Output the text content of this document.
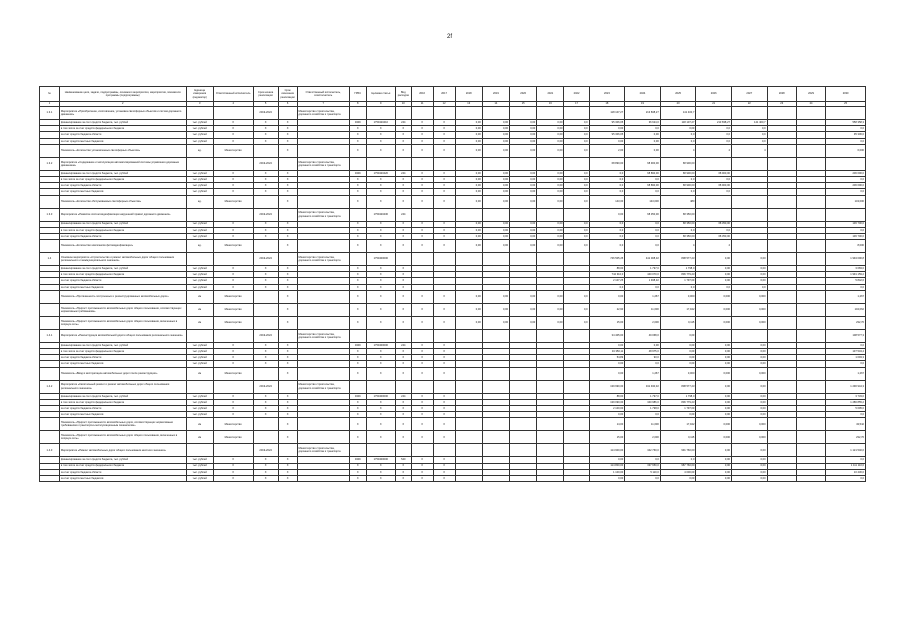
2f
№	Наименование цели, задачи, подпрограммы, основного мероприятия, мероприятия, показателя программы (подпрограммы)	Единица измерения (индикатор)	Ответственный исполнитель	Срок начала реализации	Срок окончания реализации	Ответственный исполнитель, соисполнитель	ГРБС	Целевая статья	Вид расходов	2016	2017	2018	2019	2020	2021	2022	2023	2024	2025	2026	2027	2028	2029	2030
1	2	3	4	5	6	7	8	9	10	11	12	13	14	15	16	17	18	19	20	21	22	23	24	25
1.3.1	Мероприятие «Приобретение, изготовление, установка светофорных объектов и систем дорожного движения»			2019-2024		Министерство строительства, дорожного хозяйства и транспорта											118 107,27	213 838,27	141 400,7					
	финансирование за счет средств бюджета, тыс. рублей	тыс. рублей	X	X	X		0409	1750420410	244	X	X	0,00	0,00	0,00	0,00	0,0	95 306,05	36 624,0	118 107,27	213 838,27	141 400,7			558 358,3
	в том числе за счет средств федерального бюджета	тыс. рублей	X	X	X		X	X	X	X	X	0,00	0,00	0,00	0,00	0,0	0,00	0,0	0,00	0,0	0,0			0,0
	за счет средств бюджета области	тыс. рублей	X	X	X		X	X	X	X	X	0,00	0,00	0,00	0,00	0,0	95 306,05	0,00	0,0	0,0	0,0			95 306,0
	за счет средств местных бюджетов	тыс. рублей	X	X	X		X	X	X	X	X	0,00	0,00	0,00	0,00	0,0	0,00	0,00	0,0	0,0	0,0			0,0
	Показатель «Количество установленных светофорных объектов»	ед.	Министерство		X		X	X	X	X	X	0,00	0,00	0,00	0,00	0,0	2,00	0,00	4	4	4			6,000
1.3.2	Мероприятие «Содержание и эксплуатация автоматизированной системы управления дорожным движением»			2019-2024		Министерство строительства, дорожного хозяйства и транспорта											68 890,00	68 900,00	68 900,00					
	финансирование за счет средств бюджета, тыс. рублей	тыс. рублей	X	X	X		0409	1750420420	244	X	X	0,00	0,00	0,00	0,00	0,0	0,0	68 890,00	68 900,00	68 900,00				206 690,0
	в том числе за счет средств федерального бюджета	тыс. рублей	X	X	X		X	X	X	X	X	0,00	0,00	0,00	0,00	0,0	0,0	0,0	0,0	0,0				0,0
	за счет средств бюджета области	тыс. рублей	X	X	X		X	X	X	X	X	0,00	0,00	0,00	0,00	0,0	0,0	68 890,00	68 900,00	68 900,00				206 690,0
	за счет средств местных бюджетов	тыс. рублей	X	X	X		X	X	X	X	X	0,00	0,00	0,00	0,00	0,0	0,0	0,0	0,0	0,0				0,0
	Показатель «Количество обслуживаемых светофорных объектов»	ед.	Министерство		X		X	X	X	X	X	0,00	0,00	0,00	0,00	0,0	143,00	143,000	480					143,000
1.3.3	Мероприятие «Развитие систем видеофиксации нарушений правил дорожного движения»			2019-2024		Министерство строительства, дорожного хозяйства и транспорта		1750420430	244								0,00	68 350,00	68 350,00					
	финансирование за счет средств бюджета, тыс. рублей	тыс. рублей	X	X	X		X	X	X	X	X	0,00	0,00	0,00	0,00	0,0	0,0	0,0	68 350,00	68 350,00				136 700,0
	в том числе за счет средств федерального бюджета	тыс. рублей	X	X	X		X	X	X	X	X	0,00	0,00	0,00	0,00	0,0	0,0	0,0	0,0	0,0				0,0
	за счет средств бюджета области	тыс. рублей	X	X	X		X	X	X	X	X	0,00	0,00	0,00	0,00	0,0	0,0	0,0	68 350,00	68 350,00				136 700,0
	Показатель «Количество комплексов фотовидеофиксации»	ед.	Министерство		X		X	X	X	X	X	0,00	0,00	0,00	0,00	0,0	0,0	0,0	4	4				8,000
1.4	Основное мероприятие «Строительство и ремонт автомобильных дорог общего пользования регионального и межмуниципального значения»			2019-2024		Министерство строительства, дорожного хозяйства и транспорта		1750400000									746 505,25	441 008,32	808 577,23	0,00	0,00			1 994 090,8
	финансирование за счет средств бюджета, тыс. рублей	тыс. рублей	X	X	X		X	X	X								88,00	1 797,0	1 798,0	0,00	0,00			3 683,0
	в том числе за счет средств федерального бюджета	тыс. рублей	X	X	X		X	X	X								744 310,0	440 070,0	806 779,23	0,00	0,00			1 991 159,2
	за счет средств бюджета области	тыс. рублей	X	X	X		X	X	X								2 107,25	1 938,32	1 797,00	0,00	0,00			5 842,6
	за счет средств местных бюджетов	тыс. рублей	X	X	X		X	X	X								0,0	0,0	0,0	0,0	0,0			0,0
	Показатель «Протяженность построенных и реконструированных автомобильных дорог»	км	Министерство		X		X	X	X	X	X	0,00	0,00	0,00	0,00	0,0	0,00	1,267	0,000	0,000	0,000			1,267
	Показатель «Прирост протяженности автомобильных дорог общего пользования, соответствующих нормативным требованиям»	км	Министерство		X		X	X	X	X	X	0,00	0,00	0,00	0,00	0,0	22,90	11,600	17,942	0,000	0,000			104,062
	Показатель «Прирост протяженности автомобильных дорог общего пользования, включенных в опорную сеть»	км	Министерство		X		X	X	X	X	X	0,00	0,00	0,00	0,00	0,0	15,00	2,000	0,115	0,000	0,000			232,76
1.4.1	Мероприятие «Реконструкция автомобильной дороги общего пользования регионального значения»			2019-2024		Министерство строительства, дорожного хозяйства и транспорта											34 405,00	49 068,0	0,00					108 577,3
	финансирование за счет средств бюджета, тыс. рублей	тыс. рублей	X	X	X		0409	1750400000	244	X	X						0,00	0,00	0,00	0,00	0,00			0,0
	в том числе за счет средств федерального бюджета	тыс. рублей	X	X	X		X	X	X	X	X						34 350,11	48 975,0	0,00	0,00	0,00			137 543,4
	за счет средств бюджета области	тыс. рублей	X	X	X		X	X	X	X	X						54,89	93,0	0,00	0,00	0,00			1 093,3
	за счет средств местных бюджетов	тыс. рублей	X	X	X		X	X	X	X	X						0,00	0,0	0,00	0,00	0,00			0,0
	Показатель «Ввод в эксплуатацию автомобильных дорог после реконструкции»	км	Министерство		X		X	X	X	X	X						0,00	1,267	0,000	0,000	0,000			1,267
1.4.2	Мероприятие «Капитальный ремонт и ремонт автомобильных дорог общего пользования регионального значения»			2019-2024		Министерство строительства, дорожного хозяйства и транспорта											139 990,00	341 940,32	808 577,23	0,00	0,00			1 290 944,3
	финансирование за счет средств бюджета, тыс. рублей	тыс. рублей	X	X	X		0409	1750400000	244	X	X						88,00	1 797,0	1 798,0	0,00	0,00			3 733,0
	в том числе за счет средств федерального бюджета	тыс. рублей	X	X	X		X	X	X	X	X						139 090,00	340 986,0	806 779,23	0,00	0,00			1 286 855,2
	за счет средств бюджета области	тыс. рублей	X	X	X		X	X	X	X	X						2 100,00	1 798,0	1 797,00	0,00	0,00			5 695,0
	за счет средств местных бюджетов	тыс. рублей	X	X	X		X	X	X	X	X						0,00	0,0	0,00	0,00	0,00			0,0
	Показатель «Прирост протяженности автомобильных дорог, соответствующих нормативным требованиям к транспортно-эксплуатационным показателям»	км	Министерство		X		X	X	X	X	X						14,00	11,600	17,942	0,000	0,000			43,542
	Показатель «Прирост протяженности автомобильных дорог общего пользования, включенных в опорную сеть»	км	Министерство		X		X	X	X	X	X						15,00	2,000	0,115	0,000	0,000			232,76
1.4.3	Мероприятие «Ремонт автомобильных дорог общего пользования местного значения»			2019-2024		Министерство строительства, дорожного хозяйства и транспорта											114 900,00	342 760,0	991 760,00	0,00	0,00			1 121 540,0
	финансирование за счет средств бюджета, тыс. рублей	тыс. рублей	X	X	X		0409	1750400000	540	X	X						0,00	0,0	0,0	0,00	0,00			0,0
	в том числе за счет средств федерального бюджета	тыс. рублей	X	X	X		X	X	X	X	X						114 800,00	337 650,0	987 760,00	0,00	0,00			1 111 110,0
	за счет средств бюджета области	тыс. рублей	X	X	X		X	X	X	X	X						1 100,00	5 110,0	4 000,00	0,00	0,00			10 430,0
	за счет средств местных бюджетов	тыс. рублей	X	X	X		X	X	X	X	X						0,00	0,0	0,00	0,00	0,00			0,0
